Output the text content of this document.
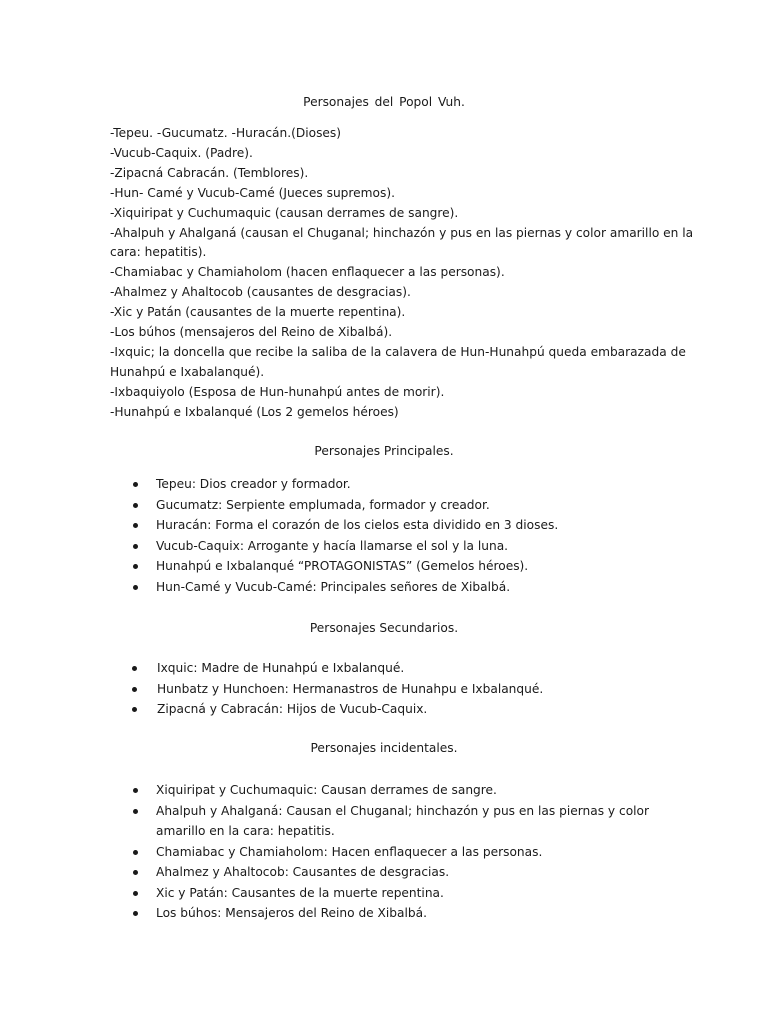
Personajes del Popol Vuh.
-Tepeu. -Gucumatz. -Huracán.(Dioses)
-Vucub-Caquix. (Padre).
-Zipacná Cabracán. (Temblores).
-Hun- Camé y Vucub-Camé (Jueces supremos).
-Xiquiripat y Cuchumaquic (causan derrames de sangre).
-Ahalpuh y Ahalganá (causan el Chuganal; hinchazón y pus en las piernas y color amarillo en la
cara: hepatitis).
-Chamiabac y Chamiaholom (hacen enflaquecer a las personas).
-Ahalmez y Ahaltocob (causantes de desgracias).
-Xic y Patán (causantes de la muerte repentina).
-Los búhos (mensajeros del Reino de Xibalbá).
-Ixquic; la doncella que recibe la saliba de la calavera de Hun-Hunahpú queda embarazada de
Hunahpú e Ixabalanqué).
-Ixbaquiyolo (Esposa de Hun-hunahpú antes de morir).
-Hunahpú e Ixbalanqué (Los 2 gemelos héroes)
Personajes Principales.
Tepeu: Dios creador y formador.
Gucumatz: Serpiente emplumada, formador y creador.
Huracán: Forma el corazón de los cielos esta dividido en 3 dioses.
Vucub-Caquix: Arrogante y hacía llamarse el sol y la luna.
Hunahpú e Ixbalanqué “PROTAGONISTAS” (Gemelos héroes).
Hun-Camé y Vucub-Camé: Principales señores de Xibalbá.
Personajes Secundarios.
Ixquic: Madre de Hunahpú e Ixbalanqué.
Hunbatz y Hunchoen: Hermanastros de Hunahpu e Ixbalanqué.
Zipacná y Cabracán: Hijos de Vucub-Caquix.
Personajes incidentales.
Xiquiripat y Cuchumaquic: Causan derrames de sangre.
Ahalpuh y Ahalganá: Causan el Chuganal; hinchazón y pus en las piernas y color amarillo en la cara: hepatitis.
Chamiabac y Chamiaholom: Hacen enflaquecer a las personas.
Ahalmez y Ahaltocob: Causantes de desgracias.
Xic y Patán: Causantes de la muerte repentina.
Los búhos: Mensajeros del Reino de Xibalbá.
